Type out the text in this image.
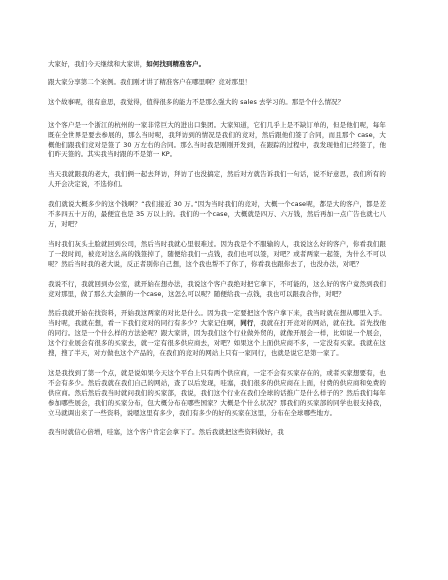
大家好，我们今天继续和大家讲，如何找到精准客户。

跟大家分享第二个案例。我们刚才讲了精准客户在哪里啊？竞对那里！

这个故事呢，很有意思，我觉得，值得很多的能力不是那么强大的 sales 去学习的。那是个什么情况？

这个客户是一个浙江的杭州的一家非常巨大的进出口集团。大家知道，它们几乎上是不缺订单的，但是他们呢，每年既在全世界是要去参展的，那么当时呢，我拜访到的情况是我们的竞对，然后跟他们签了合同，而且那个 case，大概他们跟我们竞对是签了 30 万左右的合同。那么当时我是刚刚开发到，在跟踪的过程中，我发现他们已经签了，他们昨天签的。其实我当时跟的不是第一 KP。

当天我就跟我的老大，我们俩一起去拜访，拜访了也没搞定，然后对方就告诉我们一句话，说不好意思，我们所有的人开会决定说，不选你们。

我们就说大概多少的这个钱啊？“我们接近 30 万。”因为当时我们的竞对，大概一个case呢，都是大的客户，都是差不多四五十万的，最便宜也是 35 万以上的。我们的一个case，大概就是四万、六万钱，然后再加一点广告也就七八万，对吧？

当时我们灰头土脸就回到公司，然后当时我就心里很难过。因为我是个不服输的人，我说这么好的客户，你看我们跟了一段时间，被竞对这么高的钱签掉了，随便给我们一点钱，我们也可以签，对吧？或者两家一起签，为什么不可以呢？然后当时我的老大说，反正者别你自己想，这个我也帮不了你了，你看我也跟你去了，也没办法，对吧？

我说不行，我就回到办公室，就开始在想办法，我说这个客户我绝对把它拿下，不可能的，这么好的客户竟然到我们竞对那里，做了那么大金额的一个case，这怎么可以呢？随便给我一点钱，我也可以跟我合作，对吧？

然后我就开始在找资料，开始我这两家的对比是什么。因为我一定要把这个客户拿下来，我当时就在想从哪里入手。当时呢，我就在想，看一下我们竞对的同行有多少？大家记住啊，同行，我就在打开竞对的网站，就在找。首先找他的同行。这是一个什么样的方法论呢？跟大家讲，因为我们这个行业做外贸的，就像开展会一样，比如说一个展会，这个行业展会有很多的买家去，就一定有很多供应商去，对吧？如果这个上面供应商不多，一定没有买家。我就在这搜，搜了半天，对方做也这个产品的，在我们的竞对的网站上只有一家同行，也就是说它是第一家了。

这是我找到了第一个点，就是说如果今天这个平台上只有两个供应商，一定不会有买家存在的，或者买家想要有，也不会有多少。然后我就在我们自己的网站，查了以后发现，哇塞，我们很多的供应商在上面，付费的供应商和免费的供应商。然后然后我当时就问我们的买家部，我说，我们这个行业在我们全球的话推广是什么样子的？然后我们每年参加哪些展会，我们的买家分布，包大概分布在哪些国家？大概是个什么状况？那我们的买家部的同学也很支持我，立马就调出来了一些资料，说嗯这里有多少，我们有多少的好的买家在这里，分布在全球哪些地方。

我当时就信心倍增，哇塞，这个客户肯定会拿下了。然后我就把这些资料做好，我
